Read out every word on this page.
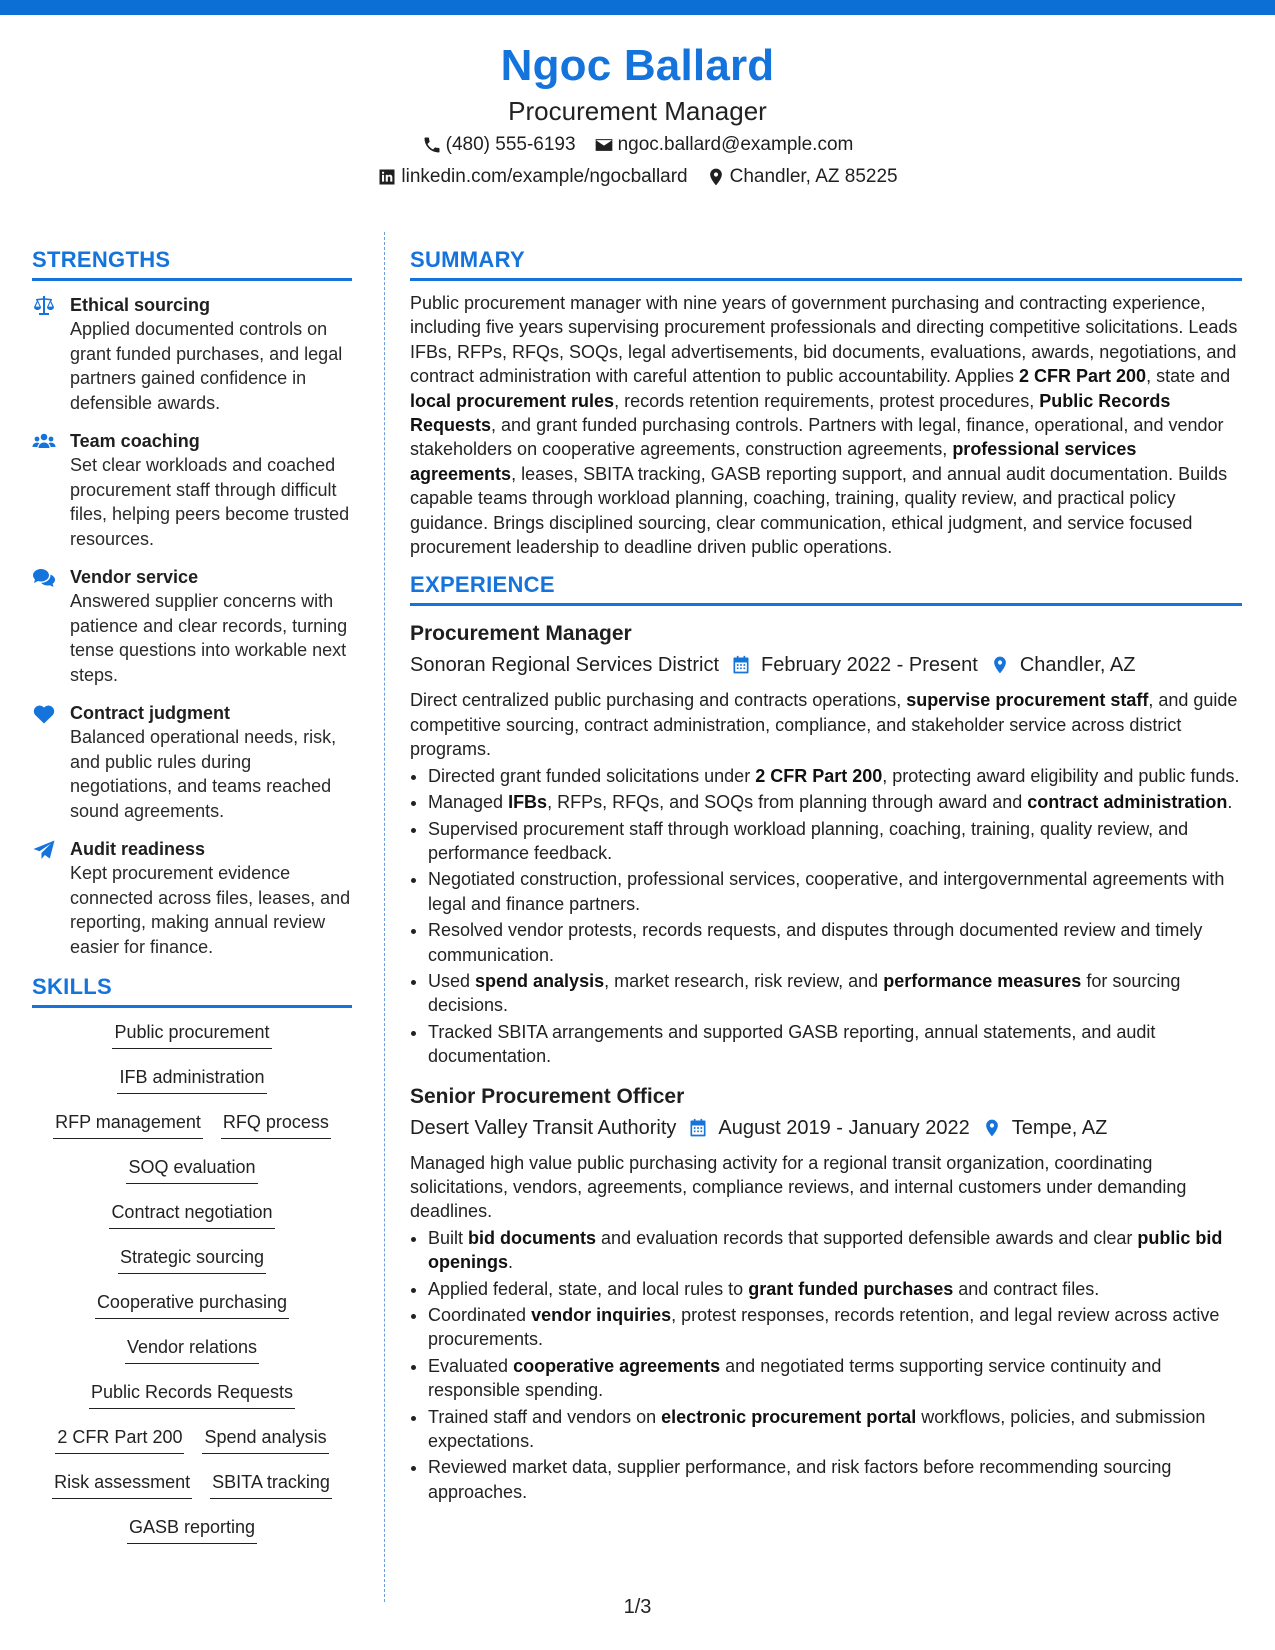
Ngoc Ballard
Procurement Manager
(480) 555-6193 ngoc.ballard@example.com
linkedin.com/example/ngocballard Chandler, AZ 85225
STRENGTHS
Ethical sourcing
Applied documented controls on grant funded purchases, and legal partners gained confidence in defensible awards.
Team coaching
Set clear workloads and coached procurement staff through difficult files, helping peers become trusted resources.
Vendor service
Answered supplier concerns with patience and clear records, turning tense questions into workable next steps.
Contract judgment
Balanced operational needs, risk, and public rules during negotiations, and teams reached sound agreements.
Audit readiness
Kept procurement evidence connected across files, leases, and reporting, making annual review easier for finance.
SKILLS
Public procurement
IFB administration
RFP management RFQ process
SOQ evaluation
Contract negotiation
Strategic sourcing
Cooperative purchasing
Vendor relations
Public Records Requests
2 CFR Part 200 Spend analysis
Risk assessment SBITA tracking
GASB reporting
SUMMARY
Public procurement manager with nine years of government purchasing and contracting experience, including five years supervising procurement professionals and directing competitive solicitations. Leads IFBs, RFPs, RFQs, SOQs, legal advertisements, bid documents, evaluations, awards, negotiations, and contract administration with careful attention to public accountability. Applies 2 CFR Part 200, state and local procurement rules, records retention requirements, protest procedures, Public Records Requests, and grant funded purchasing controls. Partners with legal, finance, operational, and vendor stakeholders on cooperative agreements, construction agreements, professional services agreements, leases, SBITA tracking, GASB reporting support, and annual audit documentation. Builds capable teams through workload planning, coaching, training, quality review, and practical policy guidance. Brings disciplined sourcing, clear communication, ethical judgment, and service focused procurement leadership to deadline driven public operations.
EXPERIENCE
Procurement Manager
Sonoran Regional Services District February 2022 - Present Chandler, AZ
Direct centralized public purchasing and contracts operations, supervise procurement staff, and guide competitive sourcing, contract administration, compliance, and stakeholder service across district programs.
• Directed grant funded solicitations under 2 CFR Part 200, protecting award eligibility and public funds.
• Managed IFBs, RFPs, RFQs, and SOQs from planning through award and contract administration.
• Supervised procurement staff through workload planning, coaching, training, quality review, and performance feedback.
• Negotiated construction, professional services, cooperative, and intergovernmental agreements with legal and finance partners.
• Resolved vendor protests, records requests, and disputes through documented review and timely communication.
• Used spend analysis, market research, risk review, and performance measures for sourcing decisions.
• Tracked SBITA arrangements and supported GASB reporting, annual statements, and audit documentation.
Senior Procurement Officer
Desert Valley Transit Authority August 2019 - January 2022 Tempe, AZ
Managed high value public purchasing activity for a regional transit organization, coordinating solicitations, vendors, agreements, compliance reviews, and internal customers under demanding deadlines.
• Built bid documents and evaluation records that supported defensible awards and clear public bid openings.
• Applied federal, state, and local rules to grant funded purchases and contract files.
• Coordinated vendor inquiries, protest responses, records retention, and legal review across active procurements.
• Evaluated cooperative agreements and negotiated terms supporting service continuity and responsible spending.
• Trained staff and vendors on electronic procurement portal workflows, policies, and submission expectations.
• Reviewed market data, supplier performance, and risk factors before recommending sourcing approaches.
1/3
